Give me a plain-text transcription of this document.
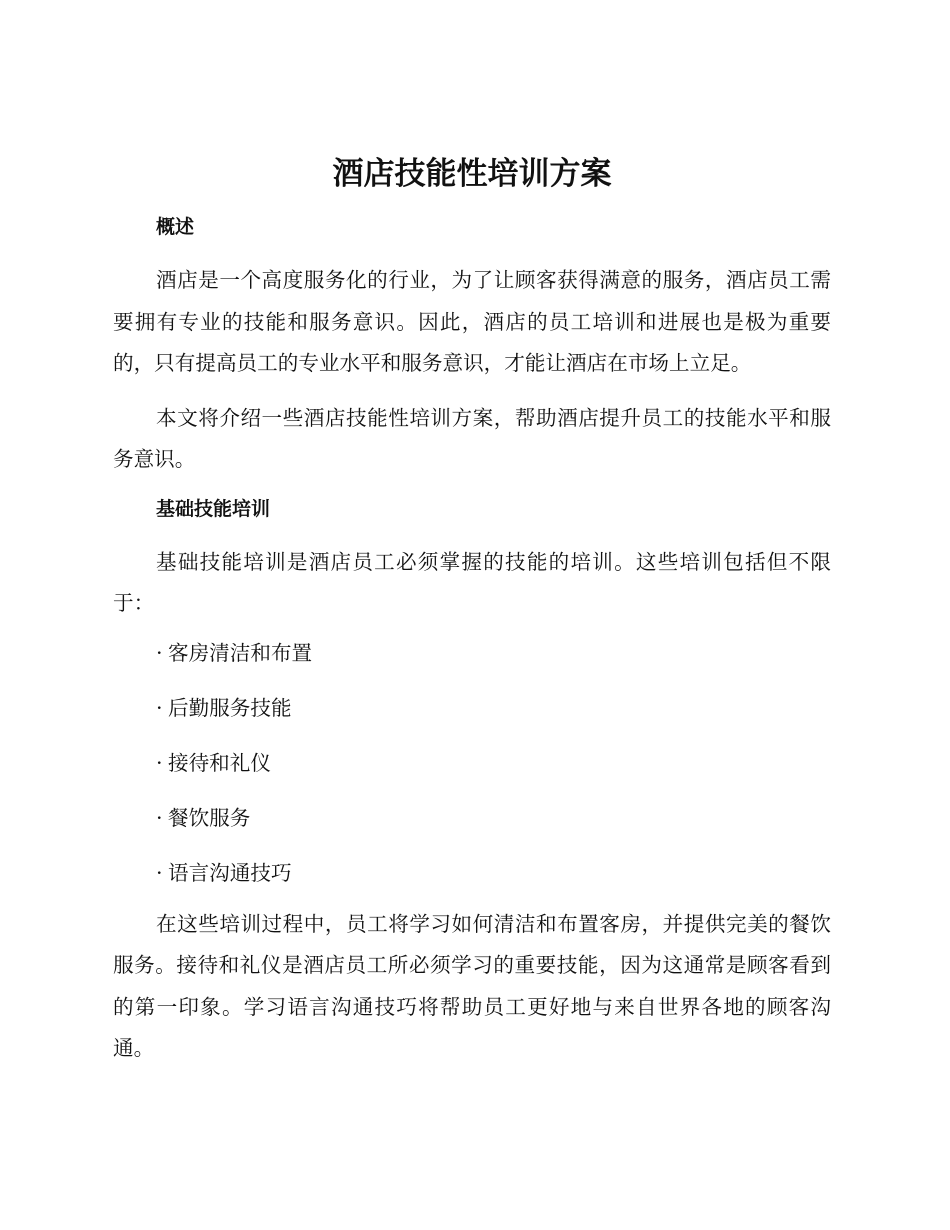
酒店技能性培训方案
概述

酒店是一个高度服务化的行业，为了让顾客获得满意的服务，酒店员工需要拥有专业的技能和服务意识。因此，酒店的员工培训和进展也是极为重要的，只有提高员工的专业水平和服务意识，才能让酒店在市场上立足。

本文将介绍一些酒店技能性培训方案，帮助酒店提升员工的技能水平和服务意识。

基础技能培训

基础技能培训是酒店员工必须掌握的技能的培训。这些培训包括但不限于：

· 客房清洁和布置
· 后勤服务技能
· 接待和礼仪
· 餐饮服务
· 语言沟通技巧

在这些培训过程中，员工将学习如何清洁和布置客房，并提供完美的餐饮服务。接待和礼仪是酒店员工所必须学习的重要技能，因为这通常是顾客看到的第一印象。学习语言沟通技巧将帮助员工更好地与来自世界各地的顾客沟通。
